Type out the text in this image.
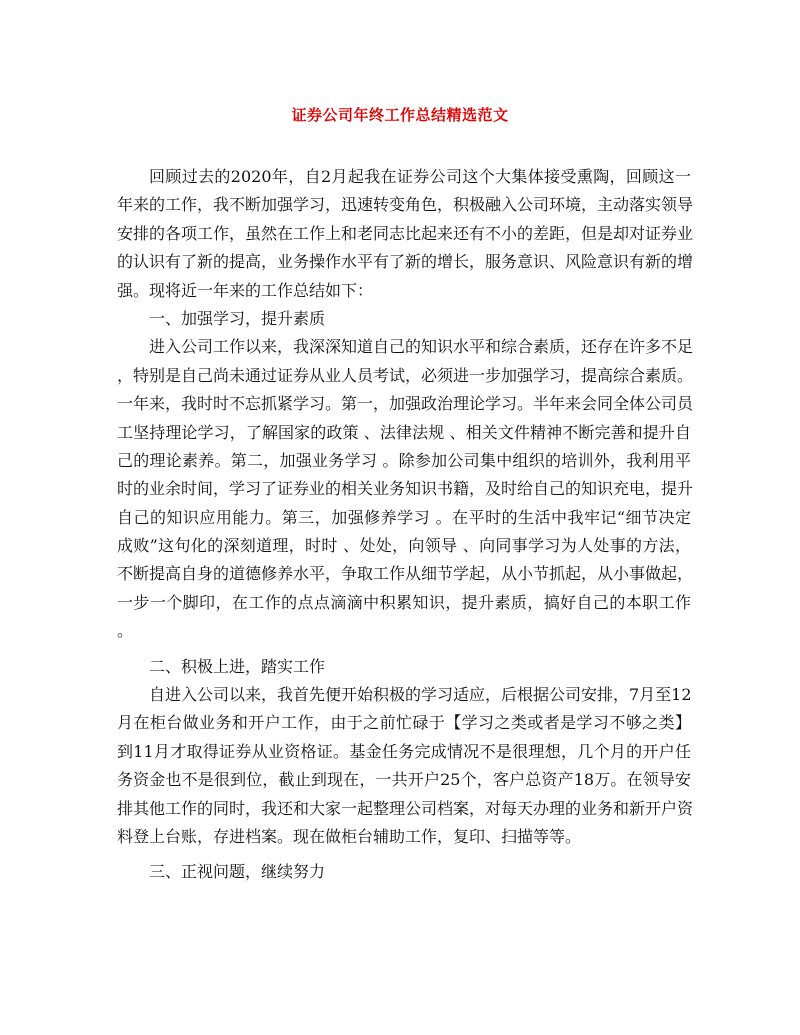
证券公司年终工作总结精选范文
回顾过去的2020年，自2月起我在证券公司这个大集体接受熏陶，回顾这一
年来的工作，我不断加强学习，迅速转变角色，积极融入公司环境，主动落实领导
安排的各项工作，虽然在工作上和老同志比起来还有不小的差距，但是却对证券业
的认识有了新的提高，业务操作水平有了新的增长，服务意识、风险意识有新的增
强。现将近一年来的工作总结如下：
一、加强学习，提升素质
进入公司工作以来，我深深知道自己的知识水平和综合素质，还存在许多不足
，特别是自己尚未通过证券从业人员考试，必须进一步加强学习，提高综合素质。
一年来，我时时不忘抓紧学习。第一，加强政治理论学习。半年来会同全体公司员
工坚持理论学习，了解国家的政策 、法律法规 、相关文件精神不断完善和提升自
己的理论素养。第二，加强业务学习 。除参加公司集中组织的培训外，我利用平
时的业余时间，学习了证券业的相关业务知识书籍，及时给自己的知识充电，提升
自己的知识应用能力。第三，加强修养学习 。在平时的生活中我牢记“细节决定
成败”这句化的深刻道理，时时 、处处，向领导 、向同事学习为人处事的方法，
不断提高自身的道德修养水平，争取工作从细节学起，从小节抓起，从小事做起，
一步一个脚印，在工作的点点滴滴中积累知识，提升素质，搞好自己的本职工作
。
二、积极上进，踏实工作
自进入公司以来，我首先便开始积极的学习适应，后根据公司安排，7月至12
月在柜台做业务和开户工作，由于之前忙碌于【学习之类或者是学习不够之类】
到11月才取得证券从业资格证。基金任务完成情况不是很理想，几个月的开户任
务资金也不是很到位，截止到现在，一共开户25个，客户总资产18万。在领导安
排其他工作的同时，我还和大家一起整理公司档案，对每天办理的业务和新开户资
料登上台账，存进档案。现在做柜台辅助工作，复印、扫描等等。
三、正视问题，继续努力
